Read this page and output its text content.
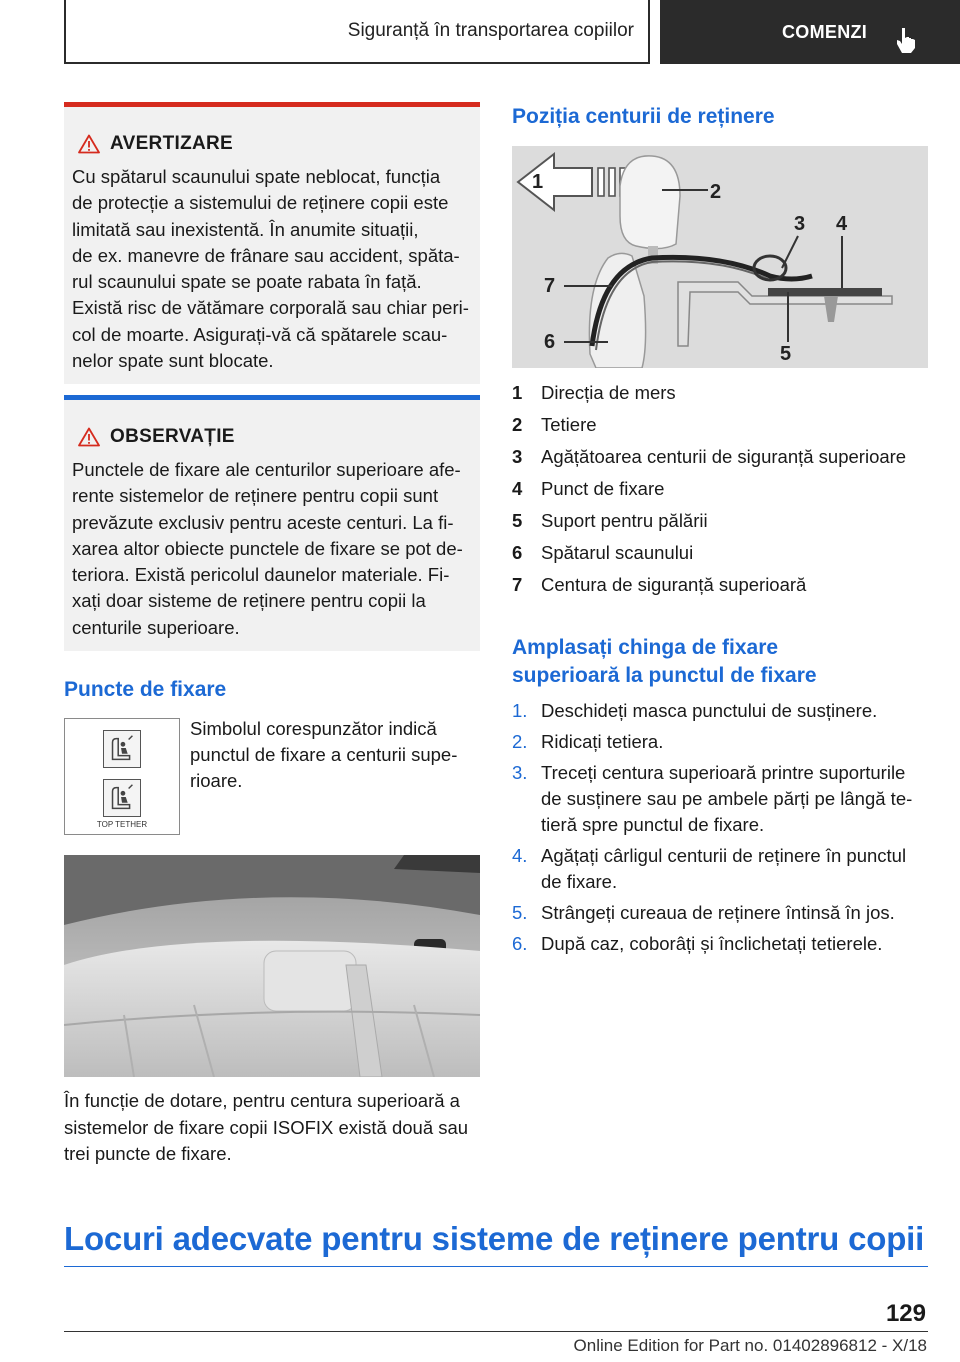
Siguranță în transportarea copiilor	COMENZI
AVERTIZARE
Cu spătarul scaunului spate neblocat, funcția
de protecție a sistemului de reținere copii este
limitată sau inexistentă. În anumite situații,
de ex. manevre de frânare sau accident, spăta-
rul scaunului spate se poate rabata în față.
Există risc de vătămare corporală sau chiar peri-
col de moarte. Asigurați-vă că spătarele scau-
nelor spate sunt blocate.
OBSERVAȚIE
Punctele de fixare ale centurilor superioare afe-
rente sistemelor de reținere pentru copii sunt
prevăzute exclusiv pentru aceste centuri. La fi-
xarea altor obiecte punctele de fixare se pot de-
teriora. Există pericolul daunelor materiale. Fi-
xați doar sisteme de reținere pentru copii la
centurile superioare.
Puncte de fixare
TOP TETHER
Simbolul corespunzător indică
punctul de fixare a centurii supe-
rioare.
În funcție de dotare, pentru centura superioară a
sistemelor de fixare copii ISOFIX există două sau
trei puncte de fixare.
Poziția centurii de reținere
1	2
3 4
5
6
7
1	Direcția de mers
2	Tetiere
3	Agățătoarea centurii de siguranță superioare
4	Punct de fixare
5	Suport pentru pălării
6	Spătarul scaunului
7	Centura de siguranță superioară
Amplasați chinga de fixare
superioară la punctul de fixare
1. Deschideți masca punctului de susținere.
2. Ridicați tetiera.
3. Treceți centura superioară printre suporturile
de susținere sau pe ambele părți pe lângă te-
tieră spre punctul de fixare.
4. Agățați cârligul centurii de reținere în punctul
de fixare.
5. Strângeți cureaua de reținere întinsă în jos.
6. După caz, coborâți și înclichetați tetierele.
Locuri adecvate pentru sisteme de reținere pentru copii
129
Online Edition for Part no. 01402896812 - X/18
